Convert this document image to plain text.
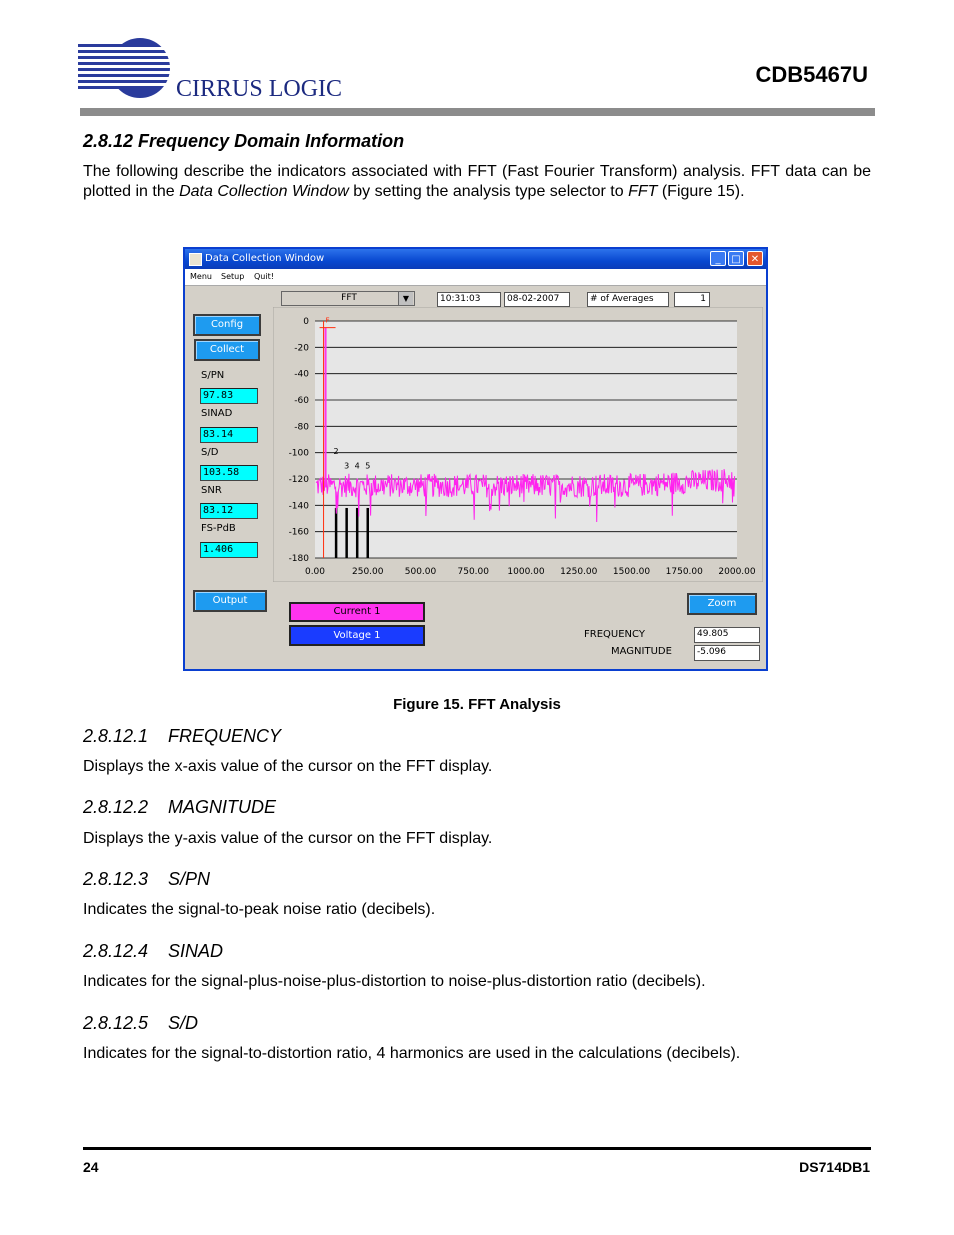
CIRRUS LOGIC
CDB5467U
2.8.12 Frequency Domain Information
The following describe the indicators associated with FFT (Fast Fourier Transform) analysis. FFT data can be plotted in the Data Collection Window by setting the analysis type selector to FFT (Figure 15).
Data Collection Window	_	□	✕
Menu Setup Quit!
FFT	▼	10:31:03	08-02-2007	# of Averages	1
Config
Collect
S/PN
97.83
SINAD
83.14
S/D
103.58
SNR
83.12
FS-PdB
1.406
Output
0
-20
-40
-60
-80
-100
-120
-140
-160
-180
0.00	250.00 500.00 750.00 1000.00 1250.00 1500.00 1750.00 2000.00
2
3 4 5
F
Zoom
Current 1
Voltage 1	FREQUENCY	49.805
MAGNITUDE	-5.096
Figure 15. FFT Analysis
2.8.12.1 FREQUENCY
Displays the x-axis value of the cursor on the FFT display.
2.8.12.2 MAGNITUDE
Displays the y-axis value of the cursor on the FFT display.
2.8.12.3 S/PN
Indicates the signal-to-peak noise ratio (decibels).
2.8.12.4 SINAD
Indicates for the signal-plus-noise-plus-distortion to noise-plus-distortion ratio (decibels).
2.8.12.5 S/D
Indicates for the signal-to-distortion ratio, 4 harmonics are used in the calculations (decibels).
24	DS714DB1
